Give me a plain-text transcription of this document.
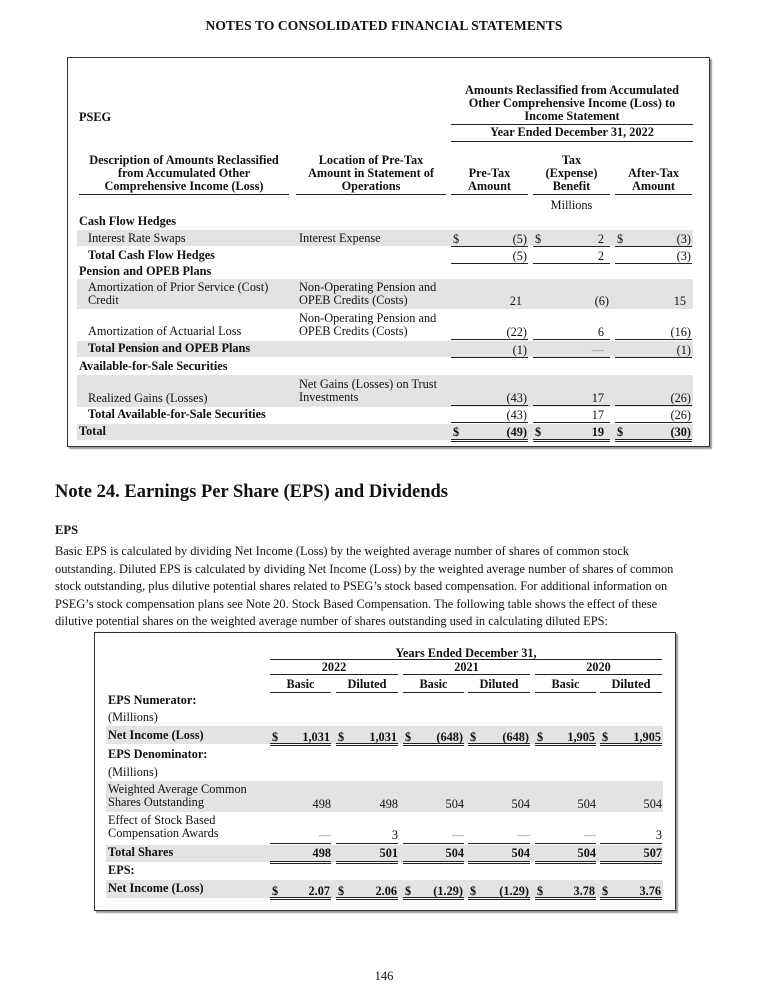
NOTES TO CONSOLIDATED FINANCIAL STATEMENTS
PSEG
Amounts Reclassified from Accumulated
Other Comprehensive Income (Loss) to
Income Statement
Year Ended December 31, 2022
Description of Amounts Reclassified
from Accumulated Other
Comprehensive Income (Loss)
Location of Pre-Tax
Amount in Statement of
Operations
Pre-Tax
Amount
Tax
(Expense)
Benefit
After-Tax
Amount
Millions
Cash Flow Hedges
Interest Rate Swaps	Interest Expense	$	(5) $	2 $	(3)
Total Cash Flow Hedges	(5)	2	(3)
Pension and OPEB Plans
Amortization of Prior Service (Cost)
Credit
Non-Operating Pension and
OPEB Credits (Costs)	21	(6)	15
Amortization of Actuarial Loss
Non-Operating Pension and
OPEB Credits (Costs)	(22)	6	(16)
Total Pension and OPEB Plans	(1)	—	(1)
Available-for-Sale Securities
Realized Gains (Losses)
Net Gains (Losses) on Trust
Investments	(43)	17	(26)
Total Available-for-Sale Securities	(43)	17	(26)
Total	$	(49) $	19 $	(30)
Note 24. Earnings Per Share (EPS) and Dividends
EPS
Basic EPS is calculated by dividing Net Income (Loss) by the weighted average number of shares of common stock
outstanding. Diluted EPS is calculated by dividing Net Income (Loss) by the weighted average number of shares of common
stock outstanding, plus dilutive potential shares related to PSEG’s stock based compensation. For additional information on
PSEG’s stock compensation plans see Note 20. Stock Based Compensation. The following table shows the effect of these
dilutive potential shares on the weighted average number of shares outstanding used in calculating diluted EPS:
Years Ended December 31,
2022	2021	2020
Basic	Diluted	Basic	Diluted	Basic	Diluted
EPS Numerator:
(Millions)
Net Income (Loss)	$ 1,031 $ 1,031 $ (648) $ (648) $ 1,905 $ 1,905
EPS Denominator:
(Millions)
Weighted Average Common
Shares Outstanding	498	498	504	504	504	504
Effect of Stock Based
Compensation Awards	—	3	—	—	—	3
Total Shares	498	501	504	504	504	507
EPS:
Net Income (Loss)	$ 2.07 $	2.06 $ (1.29) $ (1.29) $ 3.78 $	3.76
146
